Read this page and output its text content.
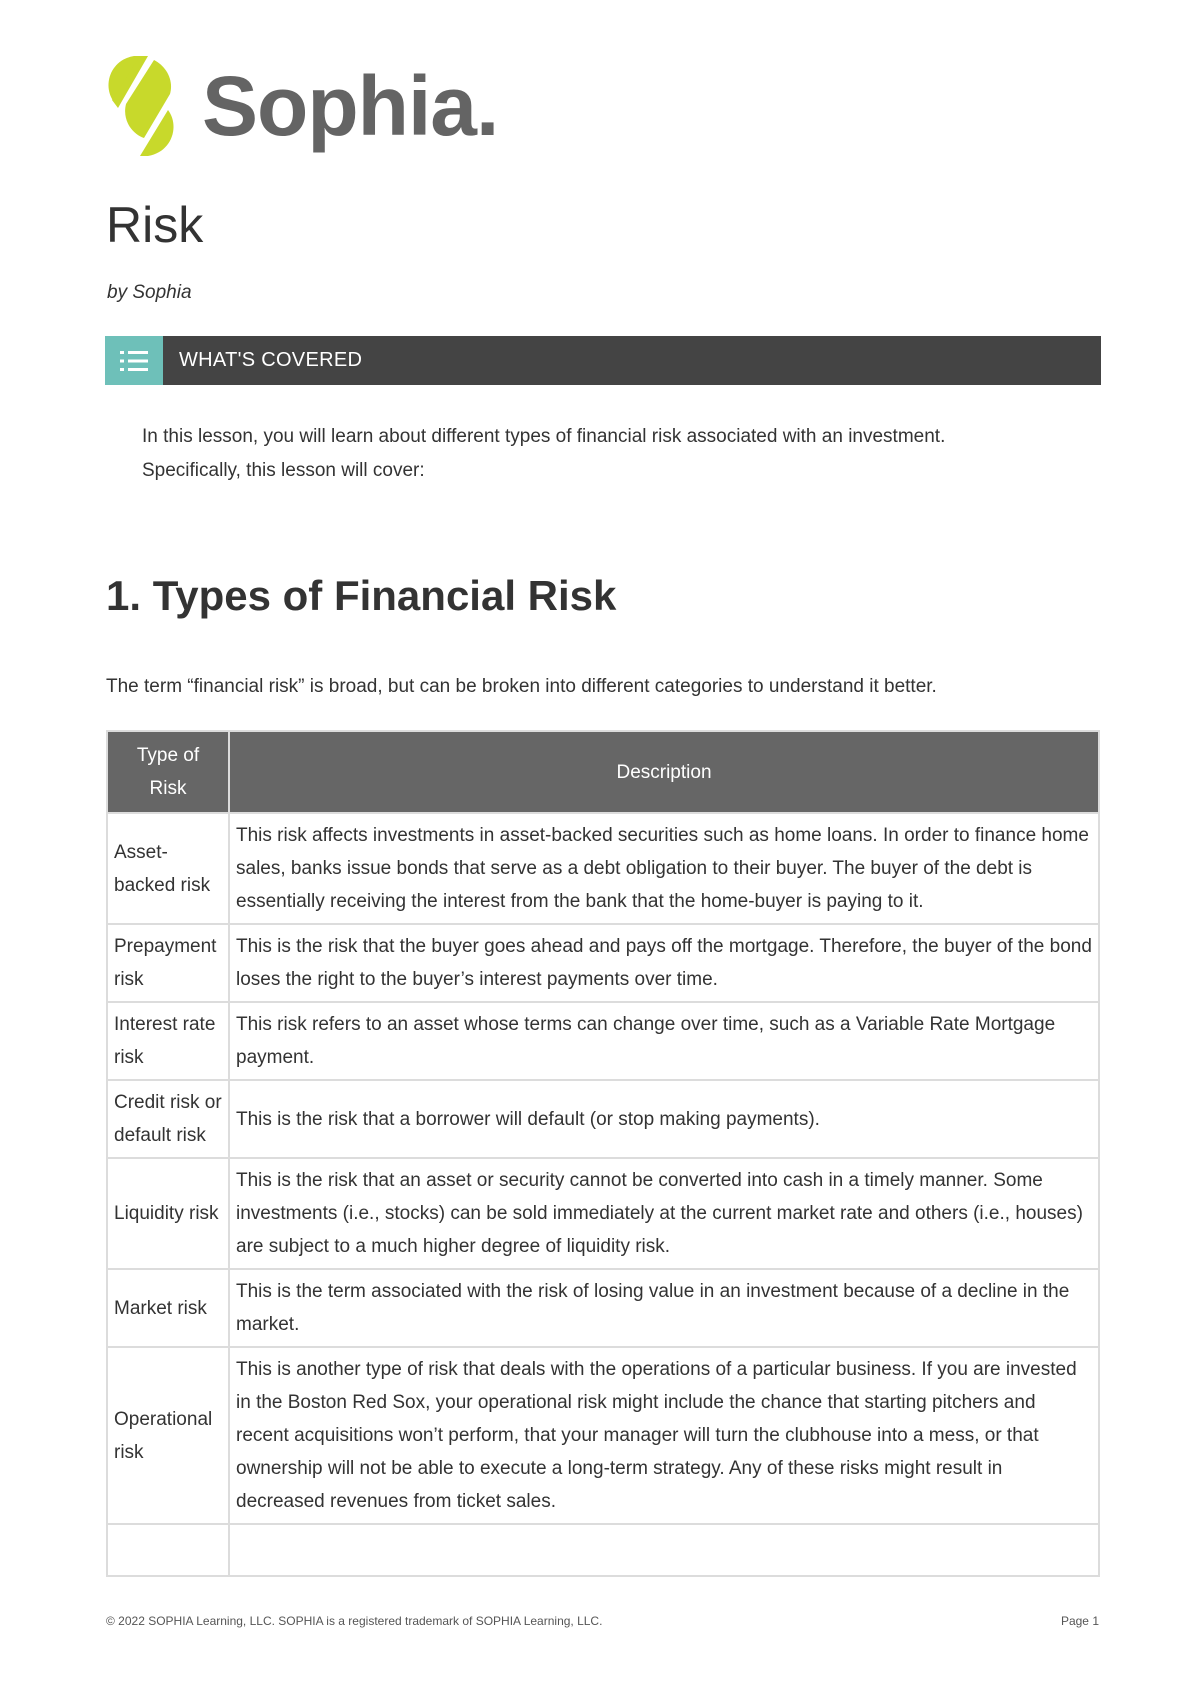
Sophia.
Risk
by Sophia
WHAT'S COVERED

In this lesson, you will learn about different types of financial risk associated with an investment.
Specifically, this lesson will cover:

1. Types of Financial Risk

The term “financial risk” is broad, but can be broken into different categories to understand it better.

Type of Risk	Description
Asset-backed risk	This risk affects investments in asset-backed securities such as home loans. In order to finance home sales, banks issue bonds that serve as a debt obligation to their buyer. The buyer of the debt is essentially receiving the interest from the bank that the home-buyer is paying to it.
Prepayment risk	This is the risk that the buyer goes ahead and pays off the mortgage. Therefore, the buyer of the bond loses the right to the buyer’s interest payments over time.
Interest rate risk	This risk refers to an asset whose terms can change over time, such as a Variable Rate Mortgage payment.
Credit risk or default risk	This is the risk that a borrower will default (or stop making payments).
Liquidity risk	This is the risk that an asset or security cannot be converted into cash in a timely manner. Some investments (i.e., stocks) can be sold immediately at the current market rate and others (i.e., houses) are subject to a much higher degree of liquidity risk.
Market risk	This is the term associated with the risk of losing value in an investment because of a decline in the market.
Operational risk	This is another type of risk that deals with the operations of a particular business. If you are invested in the Boston Red Sox, your operational risk might include the chance that starting pitchers and recent acquisitions won’t perform, that your manager will turn the clubhouse into a mess, or that ownership will not be able to execute a long-term strategy. Any of these risks might result in decreased revenues from ticket sales.

© 2022 SOPHIA Learning, LLC. SOPHIA is a registered trademark of SOPHIA Learning, LLC.	Page 1
